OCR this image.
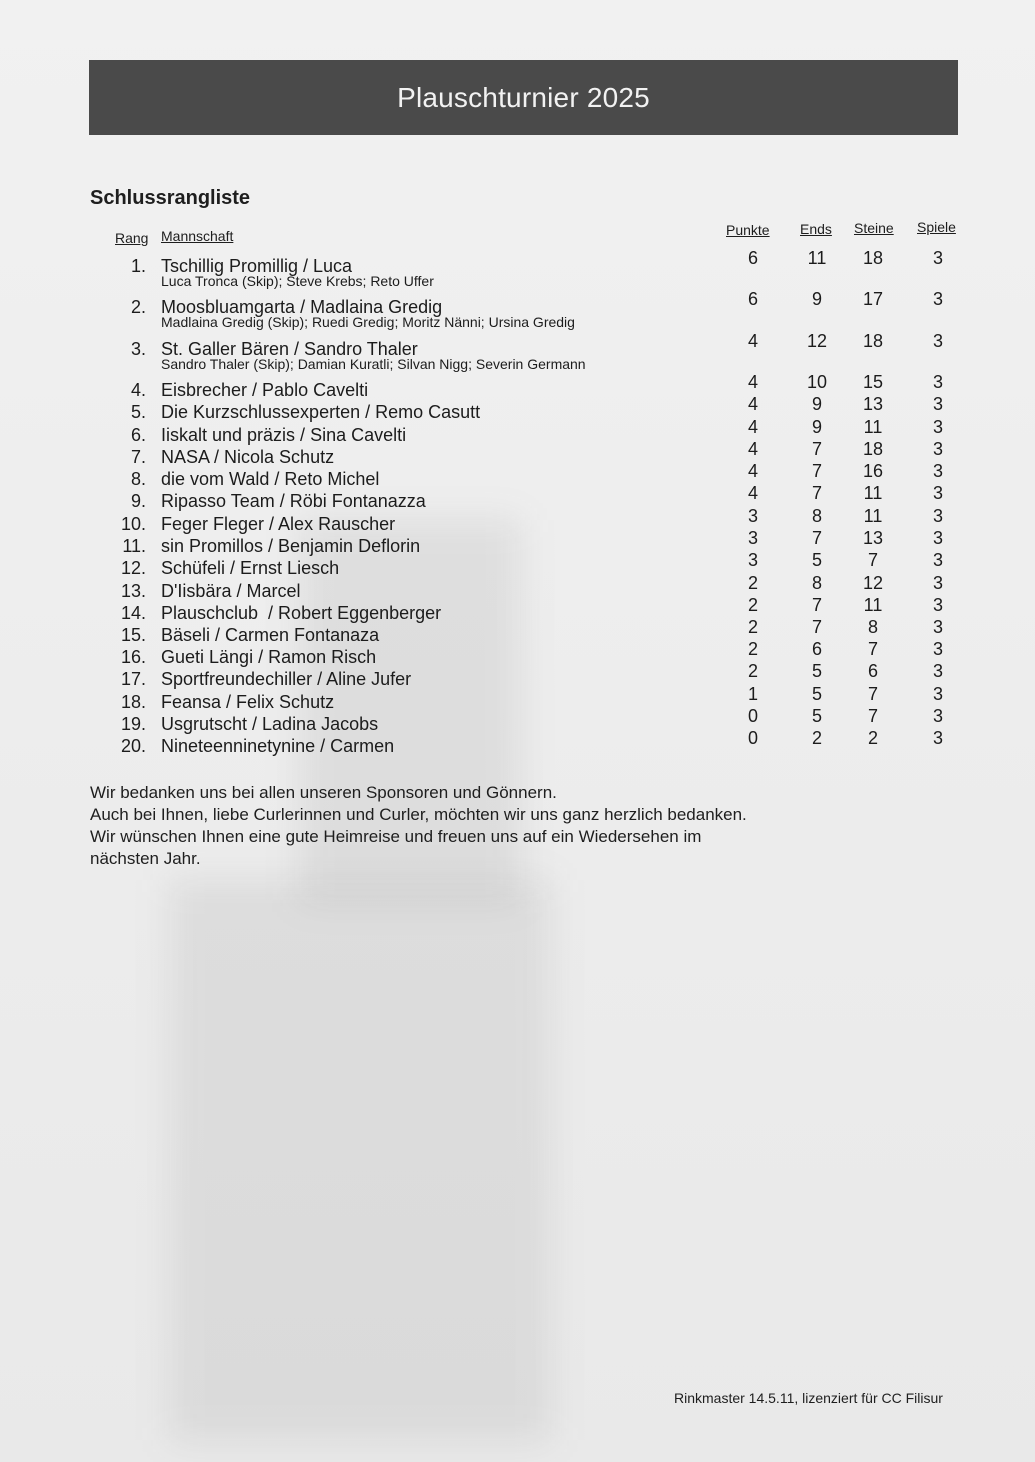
Plauschturnier 2025
Schlussrangliste
Rang Mannschaft	Punkte Ends Steine Spiele
1. Tschillig Promillig / Luca
Luca Tronca (Skip); Steve Krebs; Reto Uffer
6	11	18	3
2. Moosbluamgarta / Madlaina Gredig
Madlaina Gredig (Skip); Ruedi Gredig; Moritz Nänni; Ursina Gredig
6	9	17	3
3. St. Galler Bären / Sandro Thaler
Sandro Thaler (Skip); Damian Kuratli; Silvan Nigg; Severin Germann
4	12	18	3
4. Eisbrecher / Pablo Cavelti	4	10	15	3
5. Die Kurzschlussexperten / Remo Casutt	4	9	13	3
6. Iiskalt und präzis / Sina Cavelti	4	9	11	3
7. NASA / Nicola Schutz	4	7	18	3
8. die vom Wald / Reto Michel	4	7	16	3
9. Ripasso Team / Röbi Fontanazza	4	7	11	3
10. Feger Fleger / Alex Rauscher	3	8	11	3
11. sin Promillos / Benjamin Deflorin	3	7	13	3
12. Schüfeli / Ernst Liesch	3	5	7	3
13. D'Iisbära / Marcel	2	8	12	3
14. Plauschclub  / Robert Eggenberger	2	7	11	3
15. Bäseli / Carmen Fontanaza	2	7	8	3
16. Gueti Längi / Ramon Risch	2	6	7	3
17. Sportfreundechiller / Aline Jufer	2	5	6	3
18. Feansa / Felix Schutz	1	5	7	3
19. Usgrutscht / Ladina Jacobs	0	5	7	3
20. Nineteenninetynine / Carmen	0	2	2	3
Wir bedanken uns bei allen unseren Sponsoren und Gönnern.
Auch bei Ihnen, liebe Curlerinnen und Curler, möchten wir uns ganz herzlich bedanken.
Wir wünschen Ihnen eine gute Heimreise und freuen uns auf ein Wiedersehen im
nächsten Jahr.
Rinkmaster 14.5.11, lizenziert für CC Filisur
